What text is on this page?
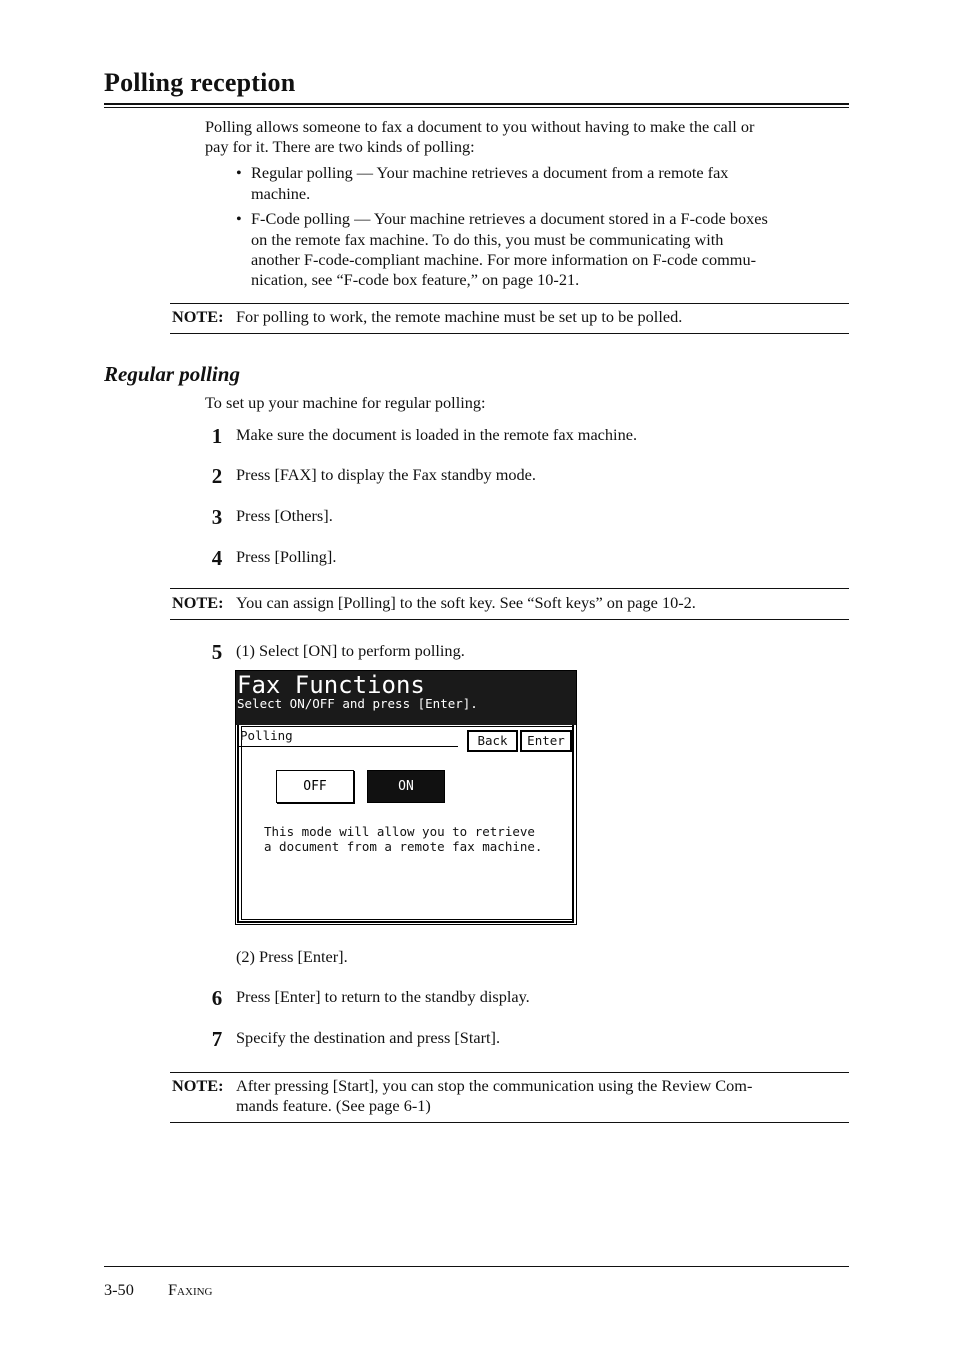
Polling reception
Polling allows someone to fax a document to you without having to make the call or
pay for it. There are two kinds of polling:
• Regular polling — Your machine retrieves a document from a remote fax
machine.
• F-Code polling — Your machine retrieves a document stored in a F-code boxes
on the remote fax machine. To do this, you must be communicating with
another F-code-compliant machine. For more information on F-code commu-
nication, see “F-code box feature,” on page 10-21.
NOTE: For polling to work, the remote machine must be set up to be polled.
Regular polling
To set up your machine for regular polling:
1 Make sure the document is loaded in the remote fax machine.
2 Press [FAX] to display the Fax standby mode.
3 Press [Others].
4 Press [Polling].
NOTE: You can assign [Polling] to the soft key. See “Soft keys” on page 10-2.
5 (1) Select [ON] to perform polling.
Fax Functions
Select ON/OFF and press [Enter].
Polling	Back	Enter
OFF	ON
This mode will allow you to retrieve
a document from a remote fax machine.
(2) Press [Enter].
6 Press [Enter] to return to the standby display.
7 Specify the destination and press [Start].
NOTE: After pressing [Start], you can stop the communication using the Review Com-
mands feature. (See page 6-1)
3-50 Faxing
